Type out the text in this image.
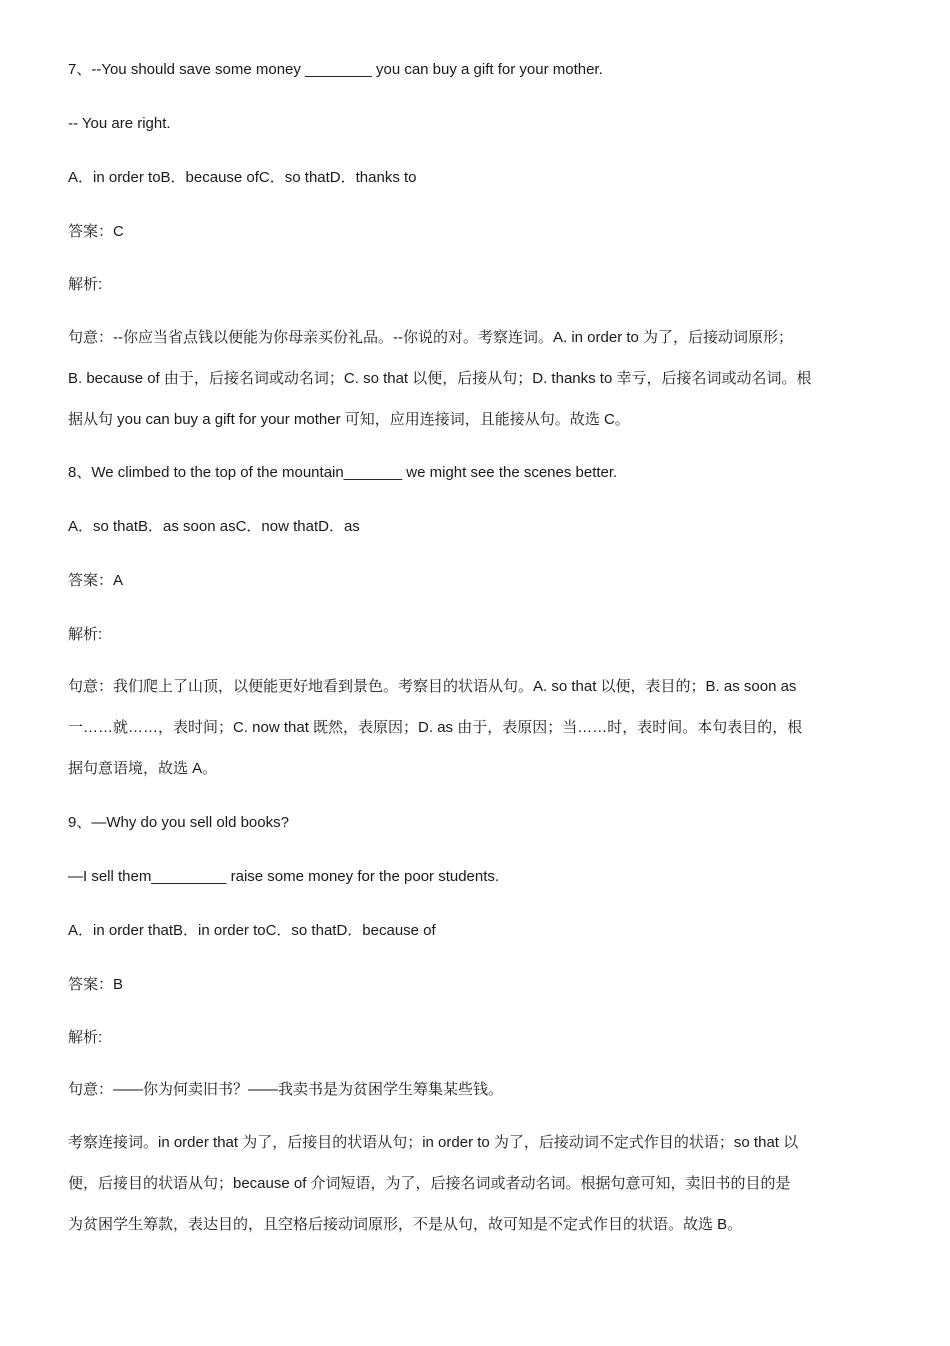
7、--You should save some money ________ you can buy a gift for your mother.
-- You are right.
A．in order toB．because ofC．so thatD．thanks to
答案：C
解析:
句意：--你应当省点钱以便能为你母亲买份礼品。--你说的对。考察连词。A. in order to 为了，后接动词原形；
B. because of 由于，后接名词或动名词；C. so that 以便，后接从句；D. thanks to 幸亏，后接名词或动名词。根
据从句 you can buy a gift for your mother 可知，应用连接词，且能接从句。故选 C。
8、We climbed to the top of the mountain_______ we might see the scenes better.
A．so thatB．as soon asC．now thatD．as
答案：A
解析:
句意：我们爬上了山顶，以便能更好地看到景色。考察目的状语从句。A. so that 以便，表目的；B. as soon as
一……就……，表时间；C. now that 既然，表原因；D. as 由于，表原因；当……时，表时间。本句表目的，根
据句意语境，故选 A。
9、—Why do you sell old books?
—I sell them_________ raise some money for the poor students.
A．in order thatB．in order toC．so thatD．because of
答案：B
解析:
句意：——你为何卖旧书？——我卖书是为贫困学生筹集某些钱。
考察连接词。in order that 为了，后接目的状语从句；in order to 为了，后接动词不定式作目的状语；so that 以
便，后接目的状语从句；because of 介词短语，为了，后接名词或者动名词。根据句意可知，卖旧书的目的是
为贫困学生筹款，表达目的，且空格后接动词原形，不是从句，故可知是不定式作目的状语。故选 B。
